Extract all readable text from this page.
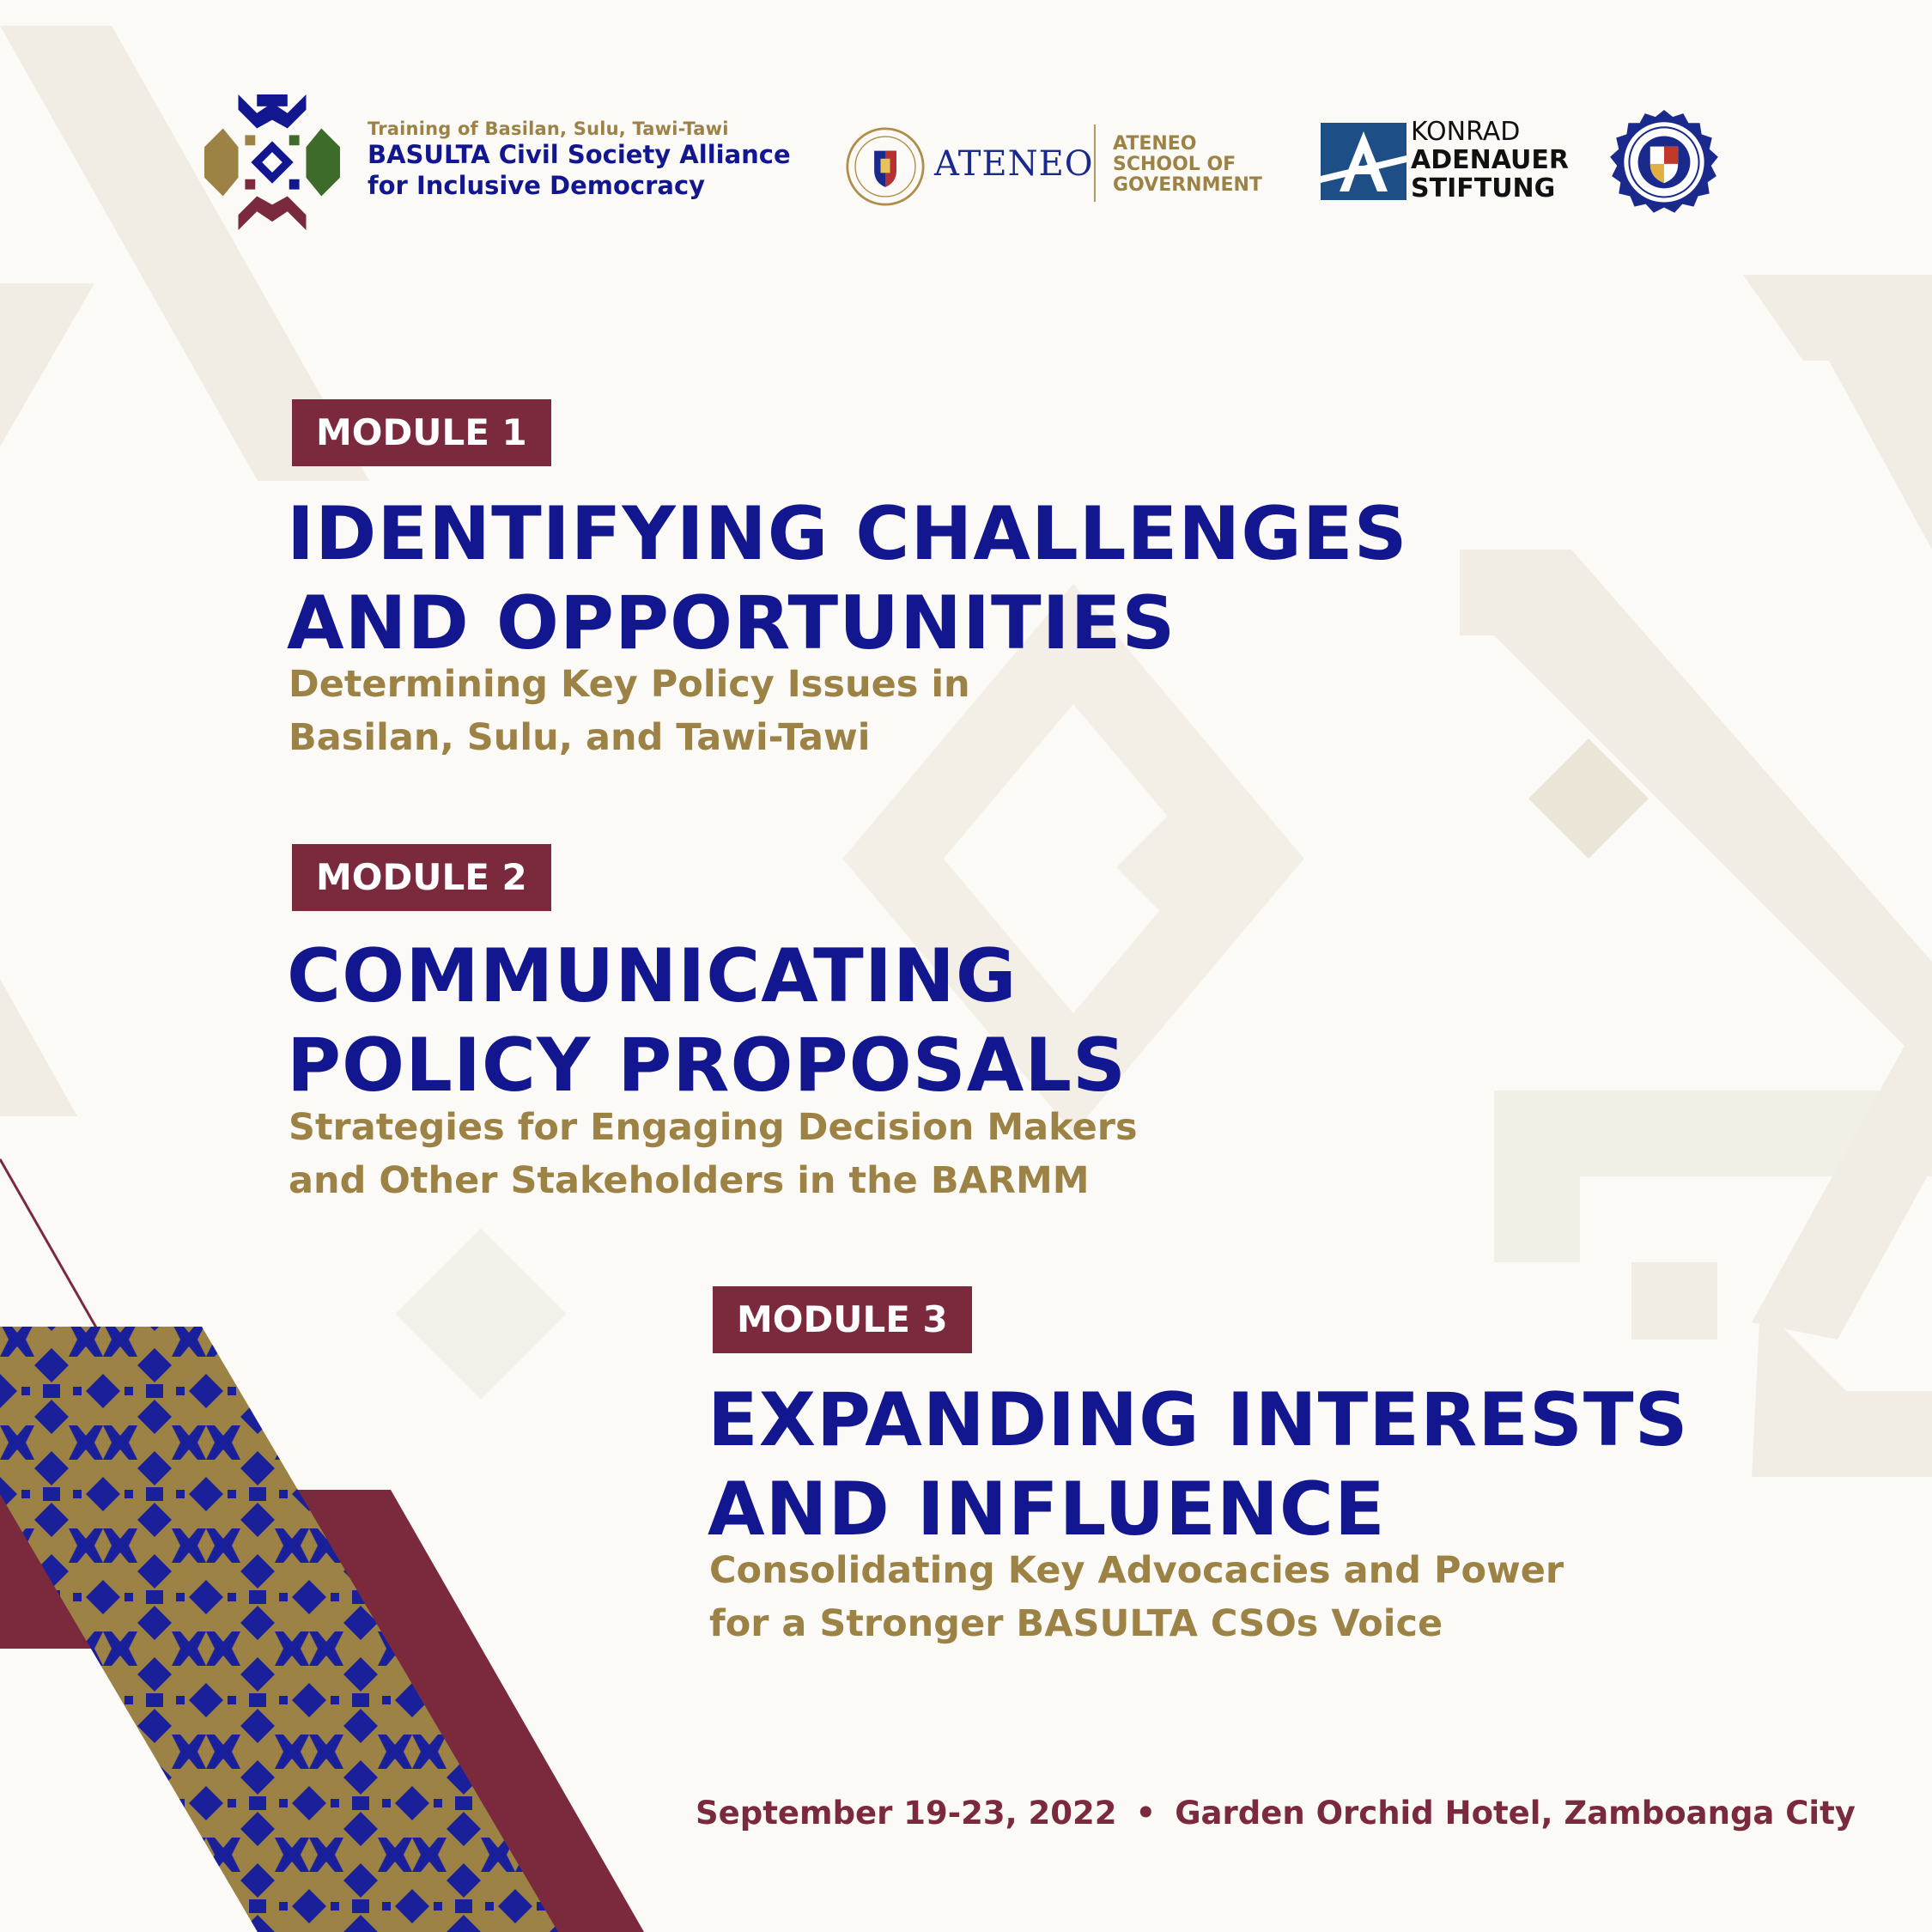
Training of Basilan, Sulu, Tawi-Tawi
BASULTA Civil Society Alliance
for Inclusive Democracy
ATENEO
ATENEO
SCHOOL OF
GOVERNMENT
KONRAD
ADENAUER
STIFTUNG
MODULE 1
IDENTIFYING CHALLENGES
AND OPPORTUNITIES
Determining Key Policy Issues in
Basilan, Sulu, and Tawi-Tawi
MODULE 2
COMMUNICATING
POLICY PROPOSALS
Strategies for Engaging Decision Makers
and Other Stakeholders in the BARMM
MODULE 3
EXPANDING INTERESTS
AND INFLUENCE
Consolidating Key Advocacies and Power
for a Stronger BASULTA CSOs Voice
September 19-23, 2022 • Garden Orchid Hotel, Zamboanga City
